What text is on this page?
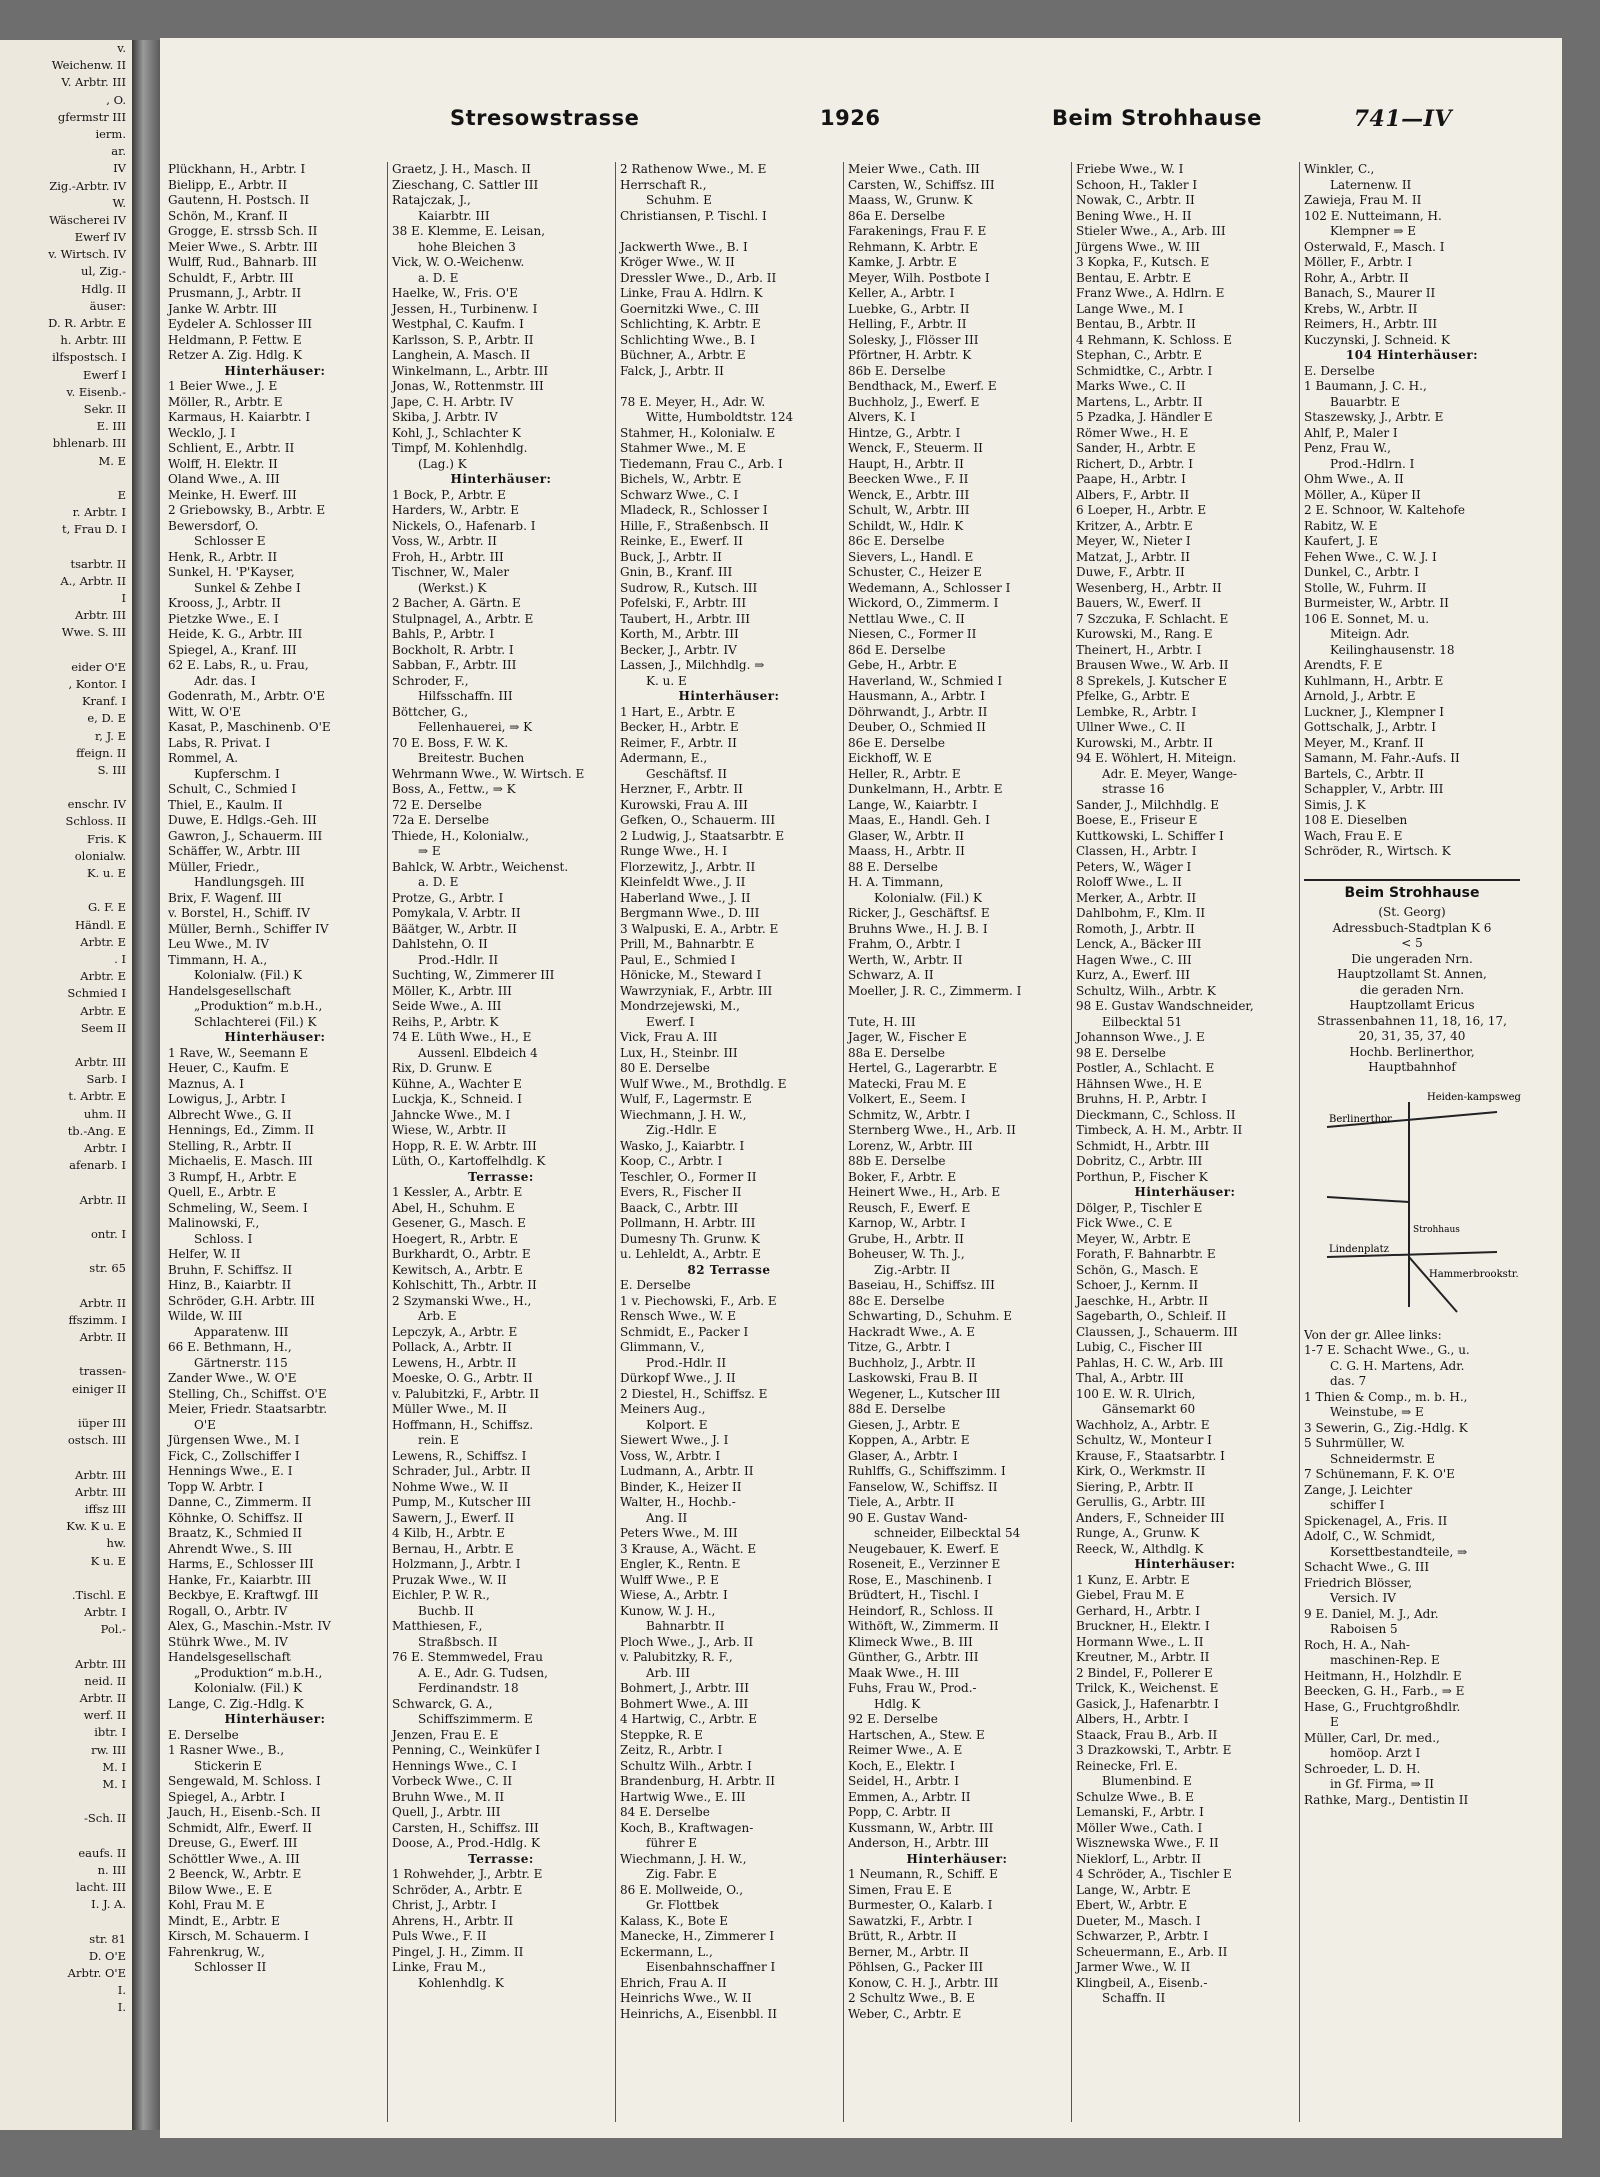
v.
Weichenw. II
V. Arbtr. III
, O.
gfermstr III
ierm.
ar.
IV
Zig.-Arbtr. IV
W.
Wäscherei IV
Ewerf IV
v. Wirtsch. IV
ul, Zig.-
Hdlg. II
äuser:
D. R. Arbtr. E
h. Arbtr. III
ilfspostsch. I
Ewerf I
v. Eisenb.-
Sekr. II
E. III
bhlenarb. III
M. E
E
r. Arbtr. I
t, Frau D. I
tsarbtr. II
A., Arbtr. II
I
Arbtr. III
Wwe. S. III
eider O'E
, Kontor. I
Kranf. I
e, D. E
r, J. E
ffeign. II
S. III
enschr. IV
Schloss. II
Fris. K
olonialw.
K. u. E
G. F. E
Händl. E
Arbtr. E
. I
Arbtr. E
Schmied I
Arbtr. E
Seem II
Arbtr. III
Sarb. I
t. Arbtr. E
uhm. II
tb.-Ang. E
Arbtr. I
afenarb. I
Arbtr. II
ontr. I
str. 65
Arbtr. II
ffszimm. I
Arbtr. II
trassen-
einiger II
iüper III
ostsch. III
Arbtr. III
Arbtr. III
iffsz III
Kw. K u. E
hw.
K u. E
.Tischl. E
Arbtr. I
Pol.-
Arbtr. III
neid. II
Arbtr. II
werf. II
ibtr. I
rw. III
M. I
M. I
-Sch. II
eaufs. II
n. III
lacht. III
I. J. A.
str. 81
D. O'E
Arbtr. O'E
I.
I.
Stresowstrasse	1926	Beim Strohhause	741—IV
Plückhann, H., Arbtr. I
Bielipp, E., Arbtr. II
Gautenn, H. Postsch. II
Schön, M., Kranf. II
Grogge, E. strssb Sch. II
Meier Wwe., S. Arbtr. III
Wulff, Rud., Bahnarb. III
Schuldt, F., Arbtr. III
Prusmann, J., Arbtr. II
Janke W. Arbtr. III
Eydeler A. Schlosser III
Heldmann, P. Fettw. E
Retzer A. Zig. Hdlg. K
Hinterhäuser:
1 Beier Wwe., J. E
Möller, R., Arbtr. E
Karmaus, H. Kaiarbtr. I
Wecklo, J. I
Schlient, E., Arbtr. II
Wolff, H. Elektr. II
Oland Wwe., A. III
Meinke, H. Ewerf. III
2 Griebowsky, B., Arbtr. E
Bewersdorf, O.
Schlosser E
Henk, R., Arbtr. II
Sunkel, H. 'P'Kayser,
Sunkel & Zehbe I
Krooss, J., Arbtr. II
Pietzke Wwe., E. I
Heide, K. G., Arbtr. III
Spiegel, A., Kranf. III
62 E. Labs, R., u. Frau,
Adr. das. I
Godenrath, M., Arbtr. O'E
Witt, W. O'E
Kasat, P., Maschinenb. O'E
Labs, R. Privat. I
Rommel, A.
Kupferschm. I
Schult, C., Schmied I
Thiel, E., Kaulm. II
Duwe, E. Hdlgs.-Geh. III
Gawron, J., Schauerm. III
Schäffer, W., Arbtr. III
Müller, Friedr.,
Handlungsgeh. III
Brix, F. Wagenf. III
v. Borstel, H., Schiff. IV
Müller, Bernh., Schiffer IV
Leu Wwe., M. IV
Timmann, H. A.,
Kolonialw. (Fil.) K
Handelsgesellschaft
„Produktion“ m.b.H.,
Schlachterei (Fil.) K
Hinterhäuser:
1 Rave, W., Seemann E
Heuer, C., Kaufm. E
Maznus, A. I
Lowigus, J., Arbtr. I
Albrecht Wwe., G. II
Hennings, Ed., Zimm. II
Stelling, R., Arbtr. II
Michaelis, E. Masch. III
3 Rumpf, H., Arbtr. E
Quell, E., Arbtr. E
Schmeling, W., Seem. I
Malinowski, F.,
Schloss. I
Helfer, W. II
Bruhn, F. Schiffsz. II
Hinz, B., Kaiarbtr. II
Schröder, G.H. Arbtr. III
Wilde, W. III
Apparatenw. III
66 E. Bethmann, H.,
Gärtnerstr. 115
Zander Wwe., W. O'E
Stelling, Ch., Schiffst. O'E
Meier, Friedr. Staatsarbtr.
O'E
Jürgensen Wwe., M. I
Fick, C., Zollschiffer I
Hennings Wwe., E. I
Topp W. Arbtr. I
Danne, C., Zimmerm. II
Köhnke, O. Schiffsz. II
Braatz, K., Schmied II
Ahrendt Wwe., S. III
Harms, E., Schlosser III
Hanke, Fr., Kaiarbtr. III
Beckbye, E. Kraftwgf. III
Rogall, O., Arbtr. IV
Alex, G., Maschin.-Mstr. IV
Stührk Wwe., M. IV
Handelsgesellschaft
„Produktion“ m.b.H.,
Kolonialw. (Fil.) K
Lange, C. Zig.-Hdlg. K
Hinterhäuser:
E. Derselbe
1 Rasner Wwe., B.,
Stickerin E
Sengewald, M. Schloss. I
Spiegel, A., Arbtr. I
Jauch, H., Eisenb.-Sch. II
Schmidt, Alfr., Ewerf. II
Dreuse, G., Ewerf. III
Schöttler Wwe., A. III
2 Beenck, W., Arbtr. E
Bilow Wwe., E. E
Kohl, Frau M. E
Mindt, E., Arbtr. E
Kirsch, M. Schauerm. I
Fahrenkrug, W.,
Schlosser II
Graetz, J. H., Masch. II
Zieschang, C. Sattler III
Ratajczak, J.,
Kaiarbtr. III
38 E. Klemme, E. Leisan,
hohe Bleichen 3
Vick, W. O.-Weichenw.
a. D. E
Haelke, W., Fris. O'E
Jessen, H., Turbinenw. I
Westphal, C. Kaufm. I
Karlsson, S. P., Arbtr. II
Langhein, A. Masch. II
Winkelmann, L., Arbtr. III
Jonas, W., Rottenmstr. III
Jape, C. H. Arbtr. IV
Skiba, J. Arbtr. IV
Kohl, J., Schlachter K
Timpf, M. Kohlenhdlg.
(Lag.) K
Hinterhäuser:
1 Bock, P., Arbtr. E
Harders, W., Arbtr. E
Nickels, O., Hafenarb. I
Voss, W., Arbtr. II
Froh, H., Arbtr. III
Tischner, W., Maler
(Werkst.) K
2 Bacher, A. Gärtn. E
Stulpnagel, A., Arbtr. E
Bahls, P., Arbtr. I
Bockholt, R. Arbtr. I
Sabban, F., Arbtr. III
Schroder, F.,
Hilfsschaffn. III
Böttcher, G.,
Fellenhauerei, ⇒ K
70 E. Boss, F. W. K.
Breitestr. Buchen
Wehrmann Wwe., W. Wirtsch. E
Boss, A., Fettw., ⇒ K
72 E. Derselbe
72a E. Derselbe
Thiede, H., Kolonialw.,
⇒ E
Bahlck, W. Arbtr., Weichenst.
a. D. E
Protze, G., Arbtr. I
Pomykala, V. Arbtr. II
Bäätger, W., Arbtr. II
Dahlstehn, O. II
Prod.-Hdlr. II
Suchting, W., Zimmerer III
Möller, K., Arbtr. III
Seide Wwe., A. III
Reihs, P., Arbtr. K
74 E. Lüth Wwe., H., E
Aussenl. Elbdeich 4
Rix, D. Grunw. E
Kühne, A., Wachter E
Luckja, K., Schneid. I
Jahncke Wwe., M. I
Wiese, W., Arbtr. II
Hopp, R. E. W. Arbtr. III
Lüth, O., Kartoffelhdlg. K
Terrasse:
1 Kessler, A., Arbtr. E
Abel, H., Schuhm. E
Gesener, G., Masch. E
Hoegert, R., Arbtr. E
Burkhardt, O., Arbtr. E
Kewitsch, A., Arbtr. E
Kohlschitt, Th., Arbtr. II
2 Szymanski Wwe., H.,
Arb. E
Lepczyk, A., Arbtr. E
Pollack, A., Arbtr. II
Lewens, H., Arbtr. II
Moeske, O. G., Arbtr. II
v. Palubitzki, F., Arbtr. II
Müller Wwe., M. II
Hoffmann, H., Schiffsz.
rein. E
Lewens, R., Schiffsz. I
Schrader, Jul., Arbtr. II
Nohme Wwe., W. II
Pump, M., Kutscher III
Sawern, J., Ewerf. II
4 Kilb, H., Arbtr. E
Bernau, H., Arbtr. E
Holzmann, J., Arbtr. I
Pruzak Wwe., W. II
Eichler, P. W. R.,
Buchb. II
Matthiesen, F.,
Straßbsch. II
76 E. Stemmwedel, Frau
A. E., Adr. G. Tudsen,
Ferdinandstr. 18
Schwarck, G. A.,
Schiffszimmerm. E
Jenzen, Frau E. E
Penning, C., Weinküfer I
Hennings Wwe., C. I
Vorbeck Wwe., C. II
Bruhn Wwe., M. II
Quell, J., Arbtr. III
Carsten, H., Schiffsz. III
Doose, A., Prod.-Hdlg. K
Terrasse:
1 Rohwehder, J., Arbtr. E
Schröder, A., Arbtr. E
Christ, J., Arbtr. I
Ahrens, H., Arbtr. II
Puls Wwe., F. II
Pingel, J. H., Zimm. II
Linke, Frau M.,
Kohlenhdlg. K
2 Rathenow Wwe., M. E
Herrschaft R.,
Schuhm. E
Christiansen, P. Tischl. I
Jackwerth Wwe., B. I
Kröger Wwe., W. II
Dressler Wwe., D., Arb. II
Linke, Frau A. Hdlrn. K
Goernitzki Wwe., C. III
Schlichting, K. Arbtr. E
Schlichting Wwe., B. I
Büchner, A., Arbtr. E
Falck, J., Arbtr. II
78 E. Meyer, H., Adr. W.
Witte, Humboldtstr. 124
Stahmer, H., Kolonialw. E
Stahmer Wwe., M. E
Tiedemann, Frau C., Arb. I
Bichels, W., Arbtr. E
Schwarz Wwe., C. I
Mladeck, R., Schlosser I
Hille, F., Straßenbsch. II
Reinke, E., Ewerf. II
Buck, J., Arbtr. II
Gnin, B., Kranf. III
Sudrow, R., Kutsch. III
Pofelski, F., Arbtr. III
Taubert, H., Arbtr. III
Korth, M., Arbtr. III
Becker, J., Arbtr. IV
Lassen, J., Milchhdlg. ⇒
K. u. E
Hinterhäuser:
1 Hart, E., Arbtr. E
Becker, H., Arbtr. E
Reimer, F., Arbtr. II
Adermann, E.,
Geschäftsf. II
Herzner, F., Arbtr. II
Kurowski, Frau A. III
Gefken, O., Schauerm. III
2 Ludwig, J., Staatsarbtr. E
Runge Wwe., H. I
Florzewitz, J., Arbtr. II
Kleinfeldt Wwe., J. II
Haberland Wwe., J. II
Bergmann Wwe., D. III
3 Walpuski, E. A., Arbtr. E
Prill, M., Bahnarbtr. E
Paul, E., Schmied I
Hönicke, M., Steward I
Wawrzyniak, F., Arbtr. III
Mondrzejewski, M.,
Ewerf. I
Vick, Frau A. III
Lux, H., Steinbr. III
80 E. Derselbe
Wulf Wwe., M., Brothdlg. E
Wulf, F., Lagermstr. E
Wiechmann, J. H. W.,
Zig.-Hdlr. E
Wasko, J., Kaiarbtr. I
Koop, C., Arbtr. I
Teschler, O., Former II
Evers, R., Fischer II
Baack, C., Arbtr. III
Pollmann, H. Arbtr. III
Dumesny Th. Grunw. K
u. Lehleldt, A., Arbtr. E
82 Terrasse
E. Derselbe
1 v. Piechowski, F., Arb. E
Rensch Wwe., W. E
Schmidt, E., Packer I
Glimmann, V.,
Prod.-Hdlr. II
Dürkopf Wwe., J. II
2 Diestel, H., Schiffsz. E
Meiners Aug.,
Kolport. E
Siewert Wwe., J. I
Voss, W., Arbtr. I
Ludmann, A., Arbtr. II
Binder, K., Heizer II
Walter, H., Hochb.-
Ang. II
Peters Wwe., M. III
3 Krause, A., Wächt. E
Engler, K., Rentn. E
Wulff Wwe., P. E
Wiese, A., Arbtr. I
Kunow, W. J. H.,
Bahnarbtr. II
Ploch Wwe., J., Arb. II
v. Palubitzky, R. F.,
Arb. III
Bohmert, J., Arbtr. III
Bohmert Wwe., A. III
4 Hartwig, C., Arbtr. E
Steppke, R. E
Zeitz, R., Arbtr. I
Schultz Wilh., Arbtr. I
Brandenburg, H. Arbtr. II
Hartwig Wwe., E. III
84 E. Derselbe
Koch, B., Kraftwagen-
führer E
Wiechmann, J. H. W.,
Zig. Fabr. E
86 E. Mollweide, O.,
Gr. Flottbek
Kalass, K., Bote E
Manecke, H., Zimmerer I
Eckermann, L.,
Eisenbahnschaffner I
Ehrich, Frau A. II
Heinrichs Wwe., W. II
Heinrichs, A., Eisenbbl. II
Meier Wwe., Cath. III
Carsten, W., Schiffsz. III
Maass, W., Grunw. K
86a E. Derselbe
Farakenings, Frau F. E
Rehmann, K. Arbtr. E
Kamke, J. Arbtr. E
Meyer, Wilh. Postbote I
Keller, A., Arbtr. I
Luebke, G., Arbtr. II
Helling, F., Arbtr. II
Solesky, J., Flösser III
Pförtner, H. Arbtr. K
86b E. Derselbe
Bendthack, M., Ewerf. E
Buchholz, J., Ewerf. E
Alvers, K. I
Hintze, G., Arbtr. I
Wenck, F., Steuerm. II
Haupt, H., Arbtr. II
Beecken Wwe., F. II
Wenck, E., Arbtr. III
Schult, W., Arbtr. III
Schildt, W., Hdlr. K
86c E. Derselbe
Sievers, L., Handl. E
Schuster, C., Heizer E
Wedemann, A., Schlosser I
Wickord, O., Zimmerm. I
Nettlau Wwe., C. II
Niesen, C., Former II
86d E. Derselbe
Gebe, H., Arbtr. E
Haverland, W., Schmied I
Hausmann, A., Arbtr. I
Döhrwandt, J., Arbtr. II
Deuber, O., Schmied II
86e E. Derselbe
Eickhoff, W. E
Heller, R., Arbtr. E
Dunkelmann, H., Arbtr. E
Lange, W., Kaiarbtr. I
Maas, E., Handl. Geh. I
Glaser, W., Arbtr. II
Maass, H., Arbtr. II
88 E. Derselbe
H. A. Timmann,
Kolonialw. (Fil.) K
Ricker, J., Geschäftsf. E
Bruhns Wwe., H. J. B. I
Frahm, O., Arbtr. I
Werth, W., Arbtr. II
Schwarz, A. II
Moeller, J. R. C., Zimmerm. I
Tute, H. III
Jager, W., Fischer E
88a E. Derselbe
Hertel, G., Lagerarbtr. E
Matecki, Frau M. E
Volkert, E., Seem. I
Schmitz, W., Arbtr. I
Sternberg Wwe., H., Arb. II
Lorenz, W., Arbtr. III
88b E. Derselbe
Boker, F., Arbtr. E
Heinert Wwe., H., Arb. E
Reusch, F., Ewerf. E
Karnop, W., Arbtr. I
Grube, H., Arbtr. II
Boheuser, W. Th. J.,
Zig.-Arbtr. II
Baseiau, H., Schiffsz. III
88c E. Derselbe
Schwarting, D., Schuhm. E
Hackradt Wwe., A. E
Titze, G., Arbtr. I
Buchholz, J., Arbtr. II
Laskowski, Frau B. II
Wegener, L., Kutscher III
88d E. Derselbe
Giesen, J., Arbtr. E
Koppen, A., Arbtr. E
Glaser, A., Arbtr. I
Ruhlffs, G., Schiffszimm. I
Fanselow, W., Schiffsz. II
Tiele, A., Arbtr. II
90 E. Gustav Wand-
schneider, Eilbecktal 54
Neugebauer, K. Ewerf. E
Roseneit, E., Verzinner E
Rose, E., Maschinenb. I
Brüdtert, H., Tischl. I
Heindorf, R., Schloss. II
Withöft, W., Zimmerm. II
Klimeck Wwe., B. III
Günther, G., Arbtr. III
Maak Wwe., H. III
Fuhs, Frau W., Prod.-
Hdlg. K
92 E. Derselbe
Hartschen, A., Stew. E
Reimer Wwe., A. E
Koch, E., Elektr. I
Seidel, H., Arbtr. I
Emmen, A., Arbtr. II
Popp, C. Arbtr. II
Kussmann, W., Arbtr. III
Anderson, H., Arbtr. III
Hinterhäuser:
1 Neumann, R., Schiff. E
Simen, Frau E. E
Burmester, O., Kalarb. I
Sawatzki, F., Arbtr. I
Brütt, R., Arbtr. II
Berner, M., Arbtr. II
Pöhlsen, G., Packer III
Konow, C. H. J., Arbtr. III
2 Schultz Wwe., B. E
Weber, C., Arbtr. E
Friebe Wwe., W. I
Schoon, H., Takler I
Nowak, C., Arbtr. II
Bening Wwe., H. II
Stieler Wwe., A., Arb. III
Jürgens Wwe., W. III
3 Kopka, F., Kutsch. E
Bentau, E. Arbtr. E
Franz Wwe., A. Hdlrn. E
Lange Wwe., M. I
Bentau, B., Arbtr. II
4 Rehmann, K. Schloss. E
Stephan, C., Arbtr. E
Schmidtke, C., Arbtr. I
Marks Wwe., C. II
Martens, L., Arbtr. II
5 Pzadka, J. Händler E
Römer Wwe., H. E
Sander, H., Arbtr. E
Richert, D., Arbtr. I
Paape, H., Arbtr. I
Albers, F., Arbtr. II
6 Loeper, H., Arbtr. E
Kritzer, A., Arbtr. E
Meyer, W., Nieter I
Matzat, J., Arbtr. II
Duwe, F., Arbtr. II
Wesenberg, H., Arbtr. II
Bauers, W., Ewerf. II
7 Szczuka, F. Schlacht. E
Kurowski, M., Rang. E
Theinert, H., Arbtr. I
Brausen Wwe., W. Arb. II
8 Sprekels, J. Kutscher E
Pfelke, G., Arbtr. E
Lembke, R., Arbtr. I
Ullner Wwe., C. II
Kurowski, M., Arbtr. II
94 E. Wöhlert, H. Miteign.
Adr. E. Meyer, Wange-
strasse 16
Sander, J., Milchhdlg. E
Boese, E., Friseur E
Kuttkowski, L. Schiffer I
Classen, H., Arbtr. I
Peters, W., Wäger I
Roloff Wwe., L. II
Merker, A., Arbtr. II
Dahlbohm, F., Klm. II
Romoth, J., Arbtr. II
Lenck, A., Bäcker III
Hagen Wwe., C. III
Kurz, A., Ewerf. III
Schultz, Wilh., Arbtr. K
98 E. Gustav Wandschneider,
Eilbecktal 51
Johannson Wwe., J. E
98 E. Derselbe
Postler, A., Schlacht. E
Hähnsen Wwe., H. E
Bruhns, H. P., Arbtr. I
Dieckmann, C., Schloss. II
Timbeck, A. H. M., Arbtr. II
Schmidt, H., Arbtr. III
Dobritz, C., Arbtr. III
Porthun, P., Fischer K
Hinterhäuser:
Dölger, P., Tischler E
Fick Wwe., C. E
Meyer, W., Arbtr. E
Forath, F. Bahnarbtr. E
Schön, G., Masch. E
Schoer, J., Kernm. II
Jaeschke, H., Arbtr. II
Sagebarth, O., Schleif. II
Claussen, J., Schauerm. III
Lubig, C., Fischer III
Pahlas, H. C. W., Arb. III
Thal, A., Arbtr. III
100 E. W. R. Ulrich,
Gänsemarkt 60
Wachholz, A., Arbtr. E
Schultz, W., Monteur I
Krause, F., Staatsarbtr. I
Kirk, O., Werkmstr. II
Siering, P., Arbtr. II
Gerullis, G., Arbtr. III
Anders, F., Schneider III
Runge, A., Grunw. K
Reeck, W., Althdlg. K
Hinterhäuser:
1 Kunz, E. Arbtr. E
Giebel, Frau M. E
Gerhard, H., Arbtr. I
Bruckner, H., Elektr. I
Hormann Wwe., L. II
Kreutner, M., Arbtr. II
2 Bindel, F., Pollerer E
Trilck, K., Weichenst. E
Gasick, J., Hafenarbtr. I
Albers, H., Arbtr. I
Staack, Frau B., Arb. II
3 Drazkowski, T., Arbtr. E
Reinecke, Frl. E.
Blumenbind. E
Schulze Wwe., B. E
Lemanski, F., Arbtr. I
Möller Wwe., Cath. I
Wisznewska Wwe., F. II
Nieklorf, L., Arbtr. II
4 Schröder, A., Tischler E
Lange, W., Arbtr. E
Ebert, W., Arbtr. E
Dueter, M., Masch. I
Schwarzer, P., Arbtr. I
Scheuermann, E., Arb. II
Jarmer Wwe., W. II
Klingbeil, A., Eisenb.-
Schaffn. II
Winkler, C.,
Laternenw. II
Zawieja, Frau M. II
102 E. Nutteimann, H.
Klempner ⇒ E
Osterwald, F., Masch. I
Möller, F., Arbtr. I
Rohr, A., Arbtr. II
Banach, S., Maurer II
Krebs, W., Arbtr. II
Reimers, H., Arbtr. III
Kuczynski, J. Schneid. K
104 Hinterhäuser:
E. Derselbe
1 Baumann, J. C. H.,
Bauarbtr. E
Staszewsky, J., Arbtr. E
Ahlf, P., Maler I
Penz, Frau W.,
Prod.-Hdlrn. I
Ohm Wwe., A. II
Möller, A., Küper II
2 E. Schnoor, W. Kaltehofe
Rabitz, W. E
Kaufert, J. E
Fehen Wwe., C. W. J. I
Dunkel, C., Arbtr. I
Stolle, W., Fuhrm. II
Burmeister, W., Arbtr. II
106 E. Sonnet, M. u.
Miteign. Adr.
Keilinghausenstr. 18
Arendts, F. E
Kuhlmann, H., Arbtr. E
Arnold, J., Arbtr. E
Luckner, J., Klempner I
Gottschalk, J., Arbtr. I
Meyer, M., Kranf. II
Samann, M. Fahr.-Aufs. II
Bartels, C., Arbtr. II
Schappler, V., Arbtr. III
Simis, J. K
108 E. Dieselben
Wach, Frau E. E
Schröder, R., Wirtsch. K
Beim Strohhause
(St. Georg)
Adressbuch-Stadtplan K 6
< 5
Die ungeraden Nrn.
Hauptzollamt St. Annen,
die geraden Nrn.
Hauptzollamt Ericus
Strassenbahnen 11, 18, 16, 17,
20, 31, 35, 37, 40
Hochb. Berlinerthor,
Hauptbahnhof
Berlinerthor
Heiden-kampsweg
Strohhaus
Lindenplatz
Hammerbrookstr.
Von der gr. Allee links:
1-7 E. Schacht Wwe., G., u.
C. G. H. Martens, Adr.
das. 7
1 Thien & Comp., m. b. H.,
Weinstube, ⇒ E
3 Sewerin, G., Zig.-Hdlg. K
5 Suhrmüller, W.
Schneidermstr. E
7 Schünemann, F. K. O'E
Zange, J. Leichter
schiffer I
Spickenagel, A., Fris. II
Adolf, C., W. Schmidt,
Korsettbestandteile, ⇒
Schacht Wwe., G. III
Friedrich Blösser,
Versich. IV
9 E. Daniel, M. J., Adr.
Raboisen 5
Roch, H. A., Nah-
maschinen-Rep. E
Heitmann, H., Holzhdlr. E
Beecken, G. H., Farb., ⇒ E
Hase, G., Fruchtgroßhdlr.
E
Müller, Carl, Dr. med.,
homöop. Arzt I
Schroeder, L. D. H.
in Gf. Firma, ⇒ II
Rathke, Marg., Dentistin II
